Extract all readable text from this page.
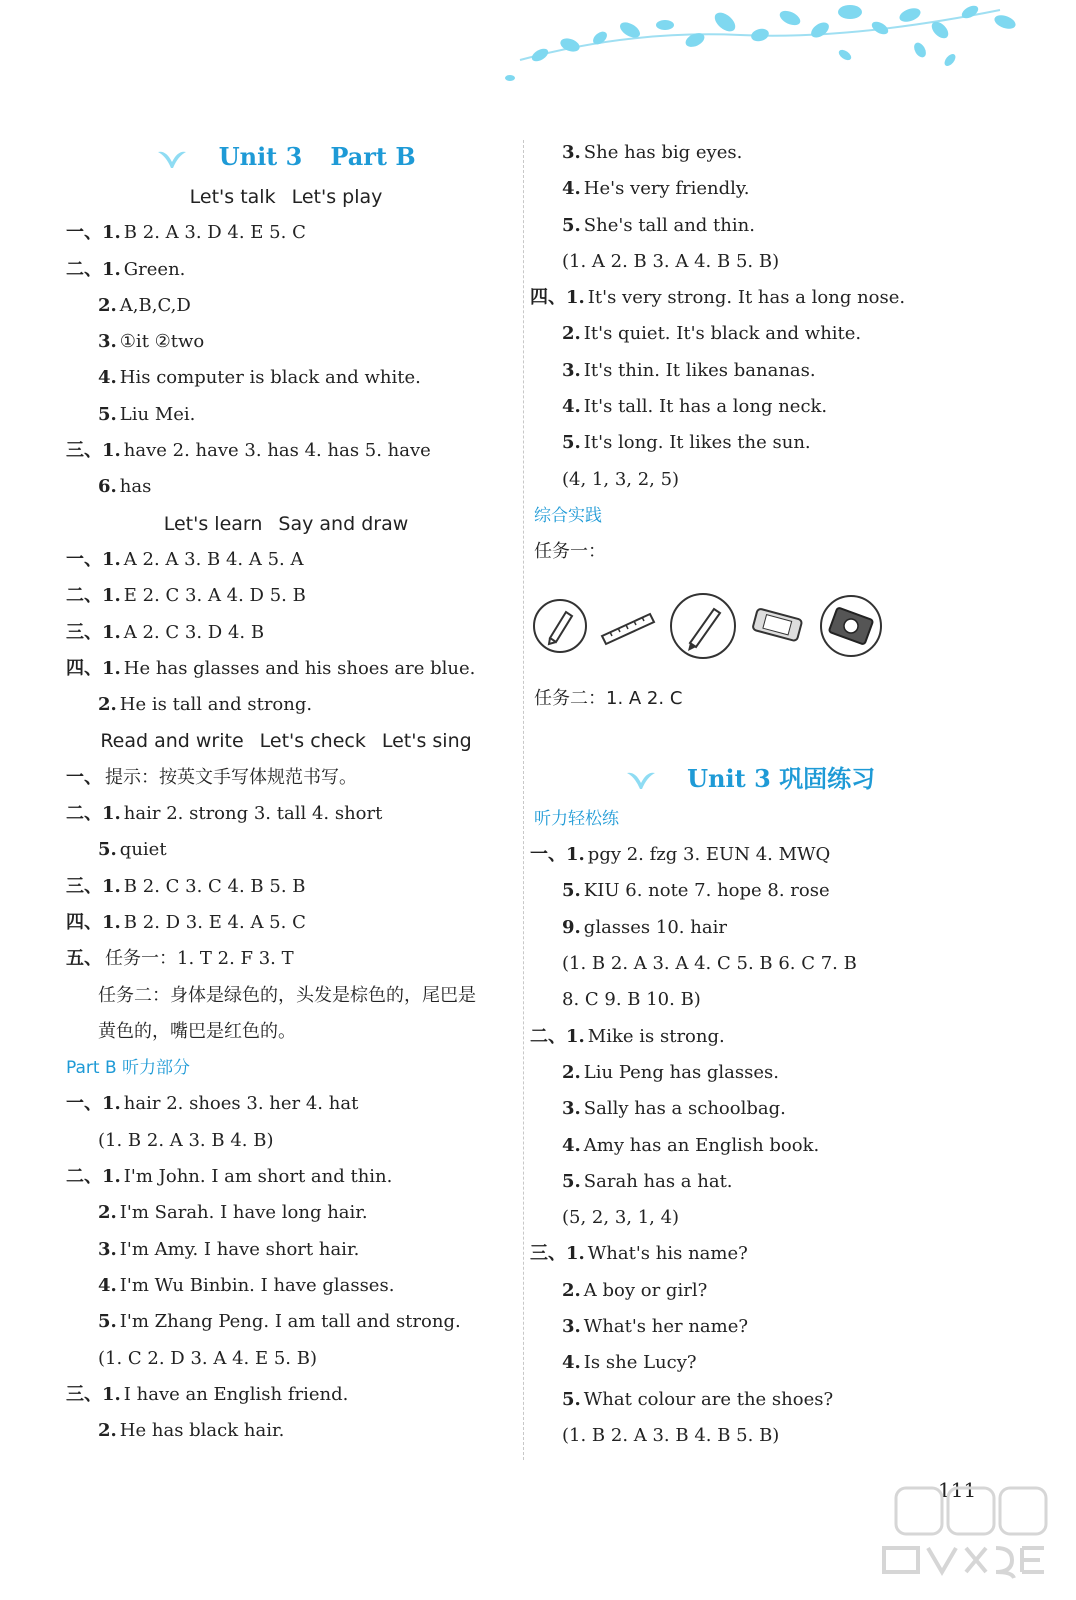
Unit 3 Part B
Let's talk Let's play
一、1. B 2. A 3. D 4. E 5. C
二、1. Green.
2. A,B,C,D
3. ①it ②two
4. His computer is black and white.
5. Liu Mei.
三、1. have 2. have 3. has 4. has 5. have
6. has
Let's learn Say and draw
一、1. A 2. A 3. B 4. A 5. A
二、1. E 2. C 3. A 4. D 5. B
三、1. A 2. C 3. D 4. B
四、1. He has glasses and his shoes are blue.
2. He is tall and strong.
Read and write Let's check Let's sing
一、 提示：按英文手写体规范书写。
二、1. hair 2. strong 3. tall 4. short
5. quiet
三、1. B 2. C 3. C 4. B 5. B
四、1. B 2. D 3. E 4. A 5. C
五、 任务一：1. T 2. F 3. T
任务二：身体是绿色的，头发是棕色的，尾巴是
黄色的，嘴巴是红色的。
Part B 听力部分
一、1. hair 2. shoes 3. her 4. hat
(1. B 2. A 3. B 4. B)
二、1. I'm John. I am short and thin.
2. I'm Sarah. I have long hair.
3. I'm Amy. I have short hair.
4. I'm Wu Binbin. I have glasses.
5. I'm Zhang Peng. I am tall and strong.
(1. C 2. D 3. A 4. E 5. B)
三、1. I have an English friend.
2. He has black hair.
3. She has big eyes.
4. He's very friendly.
5. She's tall and thin.
(1. A 2. B 3. A 4. B 5. B)
四、1. It's very strong. It has a long nose.
2. It's quiet. It's black and white.
3. It's thin. It likes bananas.
4. It's tall. It has a long neck.
5. It's long. It likes the sun.
(4, 1, 3, 2, 5)
综合实践
任务一：
任务二：1. A 2. C
Unit 3 巩固练习
听力轻松练
一、1. pgy 2. fzg 3. EUN 4. MWQ
5. KIU 6. note 7. hope 8. rose
9. glasses 10. hair
(1. B 2. A 3. A 4. C 5. B 6. C 7. B
8. C 9. B 10. B)
二、1. Mike is strong.
2. Liu Peng has glasses.
3. Sally has a schoolbag.
4. Amy has an English book.
5. Sarah has a hat.
(5, 2, 3, 1, 4)
三、1. What's his name?
2. A boy or girl?
3. What's her name?
4. Is she Lucy?
5. What colour are the shoes?
(1. B 2. A 3. B 4. B 5. B)
111
